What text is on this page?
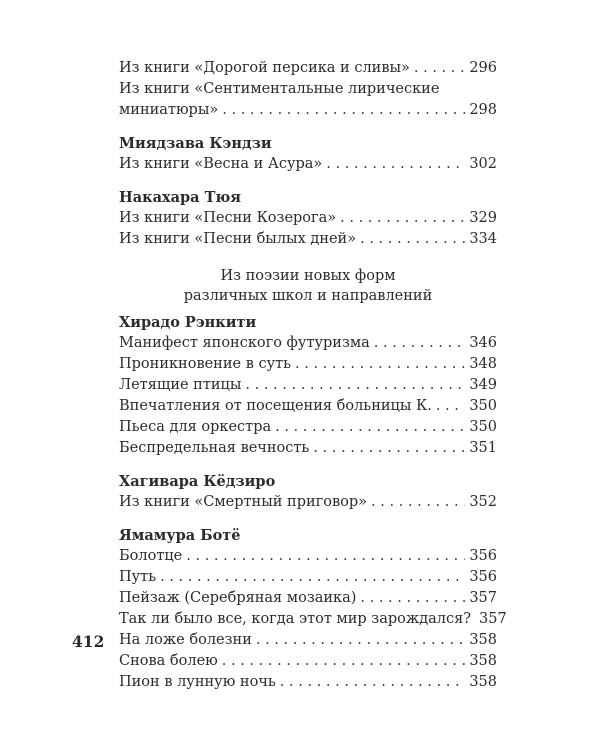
Из книги «Дорогой персика и сливы» . . .	296
Из книги «Сентиментальные лирические
миниатюры» . . .	298
Миядзава Кэндзи
Из книги «Весна и Асура» . . .	302
Накахара Тюя
Из книги «Песни Козерога» . . .	329
Из книги «Песни былых дней» . . .	334
Из поэзии новых форм
различных школ и направлений
Хирадо Рэнкити
Манифест японского футуризма . . .	346
Проникновение в суть . . .	348
Летящие птицы . . .	349
Впечатления от посещения больницы К. . . .	350
Пьеса для оркестра . . .	350
Беспредельная вечность . . .	351
Хагивара Кёдзиро
Из книги «Смертный приговор» . . .	352
Ямамура Ботё
Болотце . . .	356
Путь . . .	356
Пейзаж (Серебряная мозаика) . . .	357
Так ли было все, когда этот мир зарождался? 357
На ложе болезни . . .	358
Снова болею . . .	358
Пион в лунную ночь . . .	358
412
